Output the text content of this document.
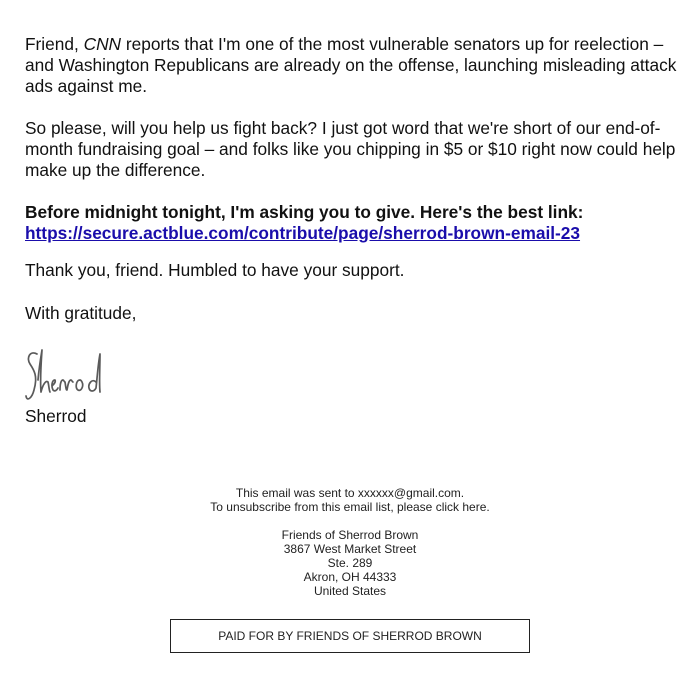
Friend, CNN reports that I'm one of the most vulnerable senators up for reelection – and Washington Republicans are already on the offense, launching misleading attack ads against me.

So please, will you help us fight back? I just got word that we're short of our end-of-month fundraising goal – and folks like you chipping in $5 or $10 right now could help make up the difference.

Before midnight tonight, I'm asking you to give. Here's the best link:
https://secure.actblue.com/contribute/page/sherrod-brown-email-23

Thank you, friend. Humbled to have your support.

With gratitude,

Sherrod

This email was sent to xxxxxx@gmail.com.

To unsubscribe from this email list, please click here.

Friends of Sherrod Brown

3867 West Market Street

Ste. 289

Akron, OH 44333

United States

PAID FOR BY FRIENDS OF SHERROD BROWN
